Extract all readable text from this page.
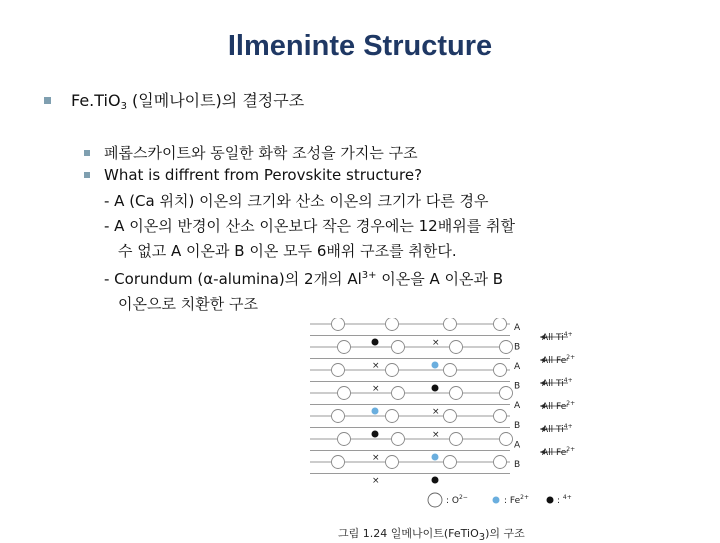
Ilmeninte Structure
Fe.TiO$_3$ (일메나이트)의 결정구조
페롭스카이트와 동일한 화학 조성을 가지는 구조
What is diffrent from Perovskite structure?
- A (Ca 위치) 이온의 크기와 산소 이온의 크기가 다른 경우
- A 이온의 반경이 산소 이온보다 작은 경우에는 12배위를 취할
수 없고 A 이온과 B 이온 모두 6배위 구조를 취한다.
- Corundum (α-alumina)의 2개의 $Al^{3+}$ 이온을 A 이온과 B
이온으로 치환한 구조
×
×
×
×
×
×
×
A
B
A
B
A
B
A
B
All $Ti^{4+}$
All $Fe^{2+}$
All $Ti^{4+}$
All $Fe^{2+}$
All $Ti^{4+}$
All $Fe^{2+}$
: $O^{2-}$	: $Fe^{2+}$	: $^{4+}$
그림 1.24 일메나이트(FeTiO3)의 구조
